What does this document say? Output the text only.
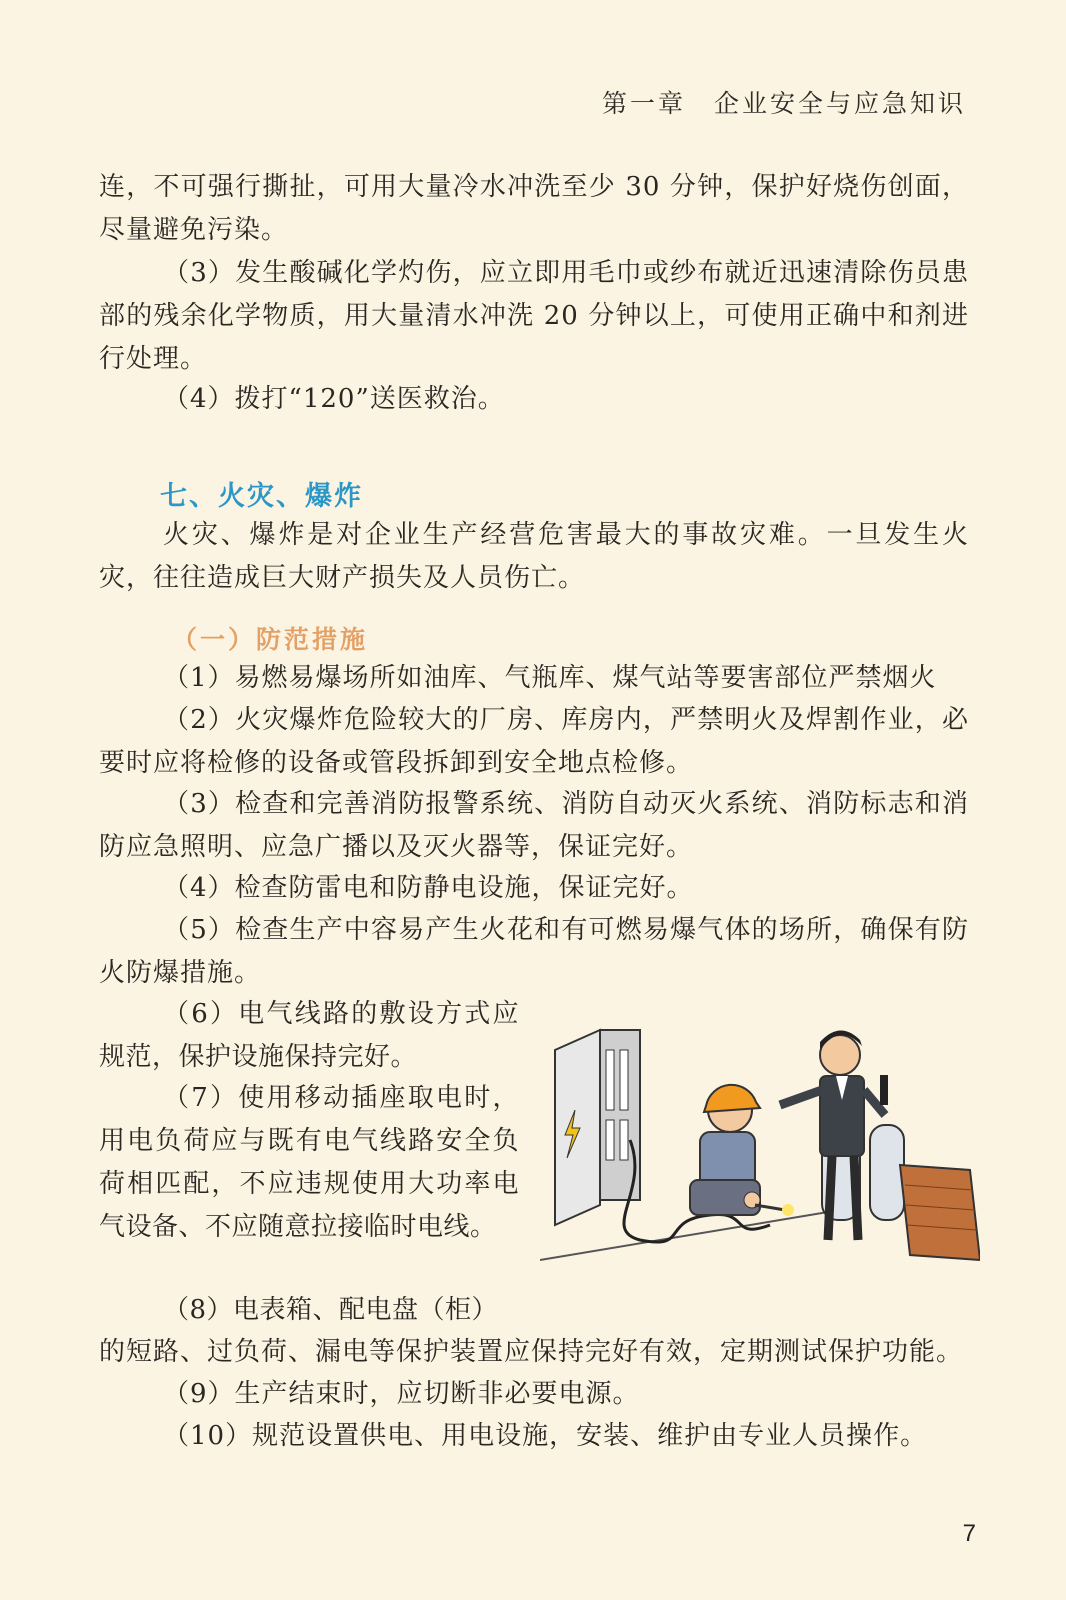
第一章　企业安全与应急知识

连，不可强行撕扯，可用大量冷水冲洗至少 30 分钟，保护好烧伤创面，尽量避免污染。

（3）发生酸碱化学灼伤，应立即用毛巾或纱布就近迅速清除伤员患部的残余化学物质，用大量清水冲洗 20 分钟以上，可使用正确中和剂进行处理。

（4）拨打“120”送医救治。

七、火灾、爆炸

火灾、爆炸是对企业生产经营危害最大的事故灾难。一旦发生火灾，往往造成巨大财产损失及人员伤亡。

（一）防范措施

（1）易燃易爆场所如油库、气瓶库、煤气站等要害部位严禁烟火

（2）火灾爆炸危险较大的厂房、库房内，严禁明火及焊割作业，必要时应将检修的设备或管段拆卸到安全地点检修。

（3）检查和完善消防报警系统、消防自动灭火系统、消防标志和消防应急照明、应急广播以及灭火器等，保证完好。

（4）检查防雷电和防静电设施，保证完好。

（5）检查生产中容易产生火花和有可燃易爆气体的场所，确保有防火防爆措施。

（6）电气线路的敷设方式应规范，保护设施保持完好。

（7）使用移动插座取电时，用电负荷应与既有电气线路安全负荷相匹配，不应违规使用大功率电气设备、不应随意拉接临时电线。

（8）电表箱、配电盘（柜）

的短路、过负荷、漏电等保护装置应保持完好有效，定期测试保护功能。

（9）生产结束时，应切断非必要电源。

（10）规范设置供电、用电设施，安装、维护由专业人员操作。

7
